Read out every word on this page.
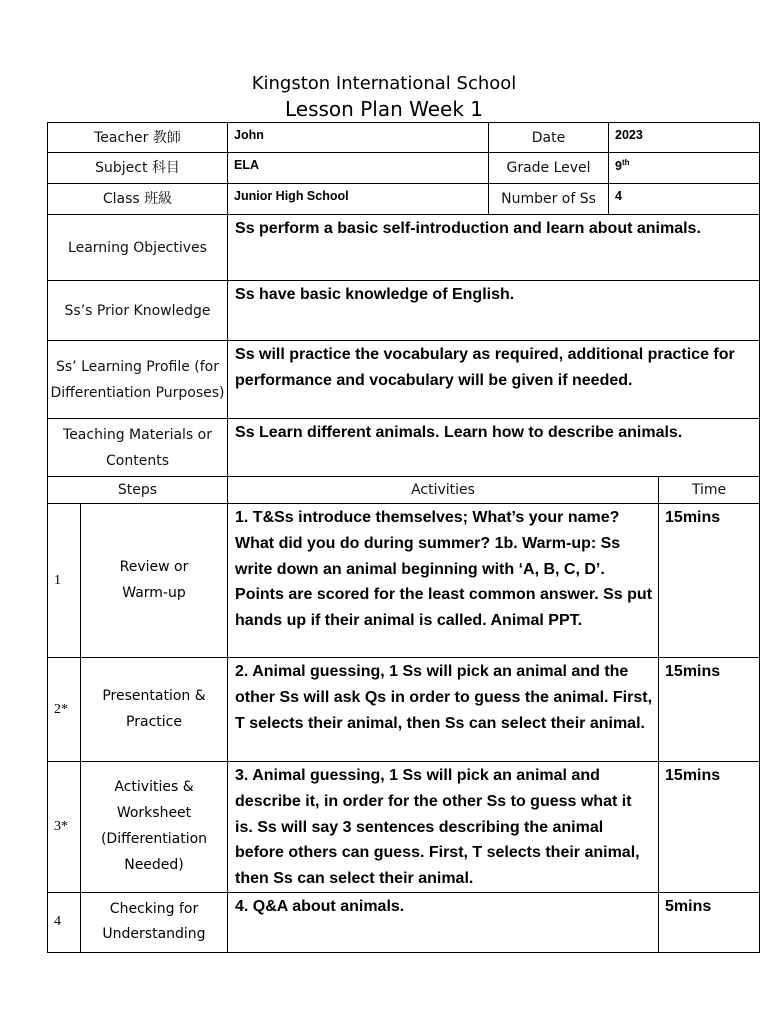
Kingston International School
Lesson Plan Week 1
Teacher 教師		John	Date	2023	
Subject 科目		ELA	Grade Level	9th
Class 班級		Junior High School	Number of Ss	4	
Learning Objectives		Ss perform a basic self-introduction and learn about animals.			
Ss’s Prior Knowledge		Ss have basic knowledge of English.			
Ss’ Learning Profile (for Differentiation Purposes)		Ss will practice the vocabulary as required, additional practice for performance and vocabulary will be given if needed.			
Teaching Materials or Contents		Ss Learn different animals. Learn how to describe animals.			
Steps		Activities			Time
1	Review or Warm-up	1. T&Ss introduce themselves; What’s your name? What did you do during summer? 1b. Warm-up: Ss write down an animal beginning with ‘A, B, C, D’. Points are scored for the least common answer. Ss put hands up if their animal is called. Animal PPT.			15mins
2*	Presentation & Practice	2. Animal guessing, 1 Ss will pick an animal and the other Ss will ask Qs in order to guess the animal. First, T selects their animal, then Ss can select their animal.			15mins
3*	Activities & Worksheet (Differentiation Needed)	3. Animal guessing, 1 Ss will pick an animal and describe it, in order for the other Ss to guess what it is. Ss will say 3 sentences describing the animal before others can guess. First, T selects their animal, then Ss can select their animal.			15mins
4	Checking for Understanding	4. Q&A about animals.			5mins
